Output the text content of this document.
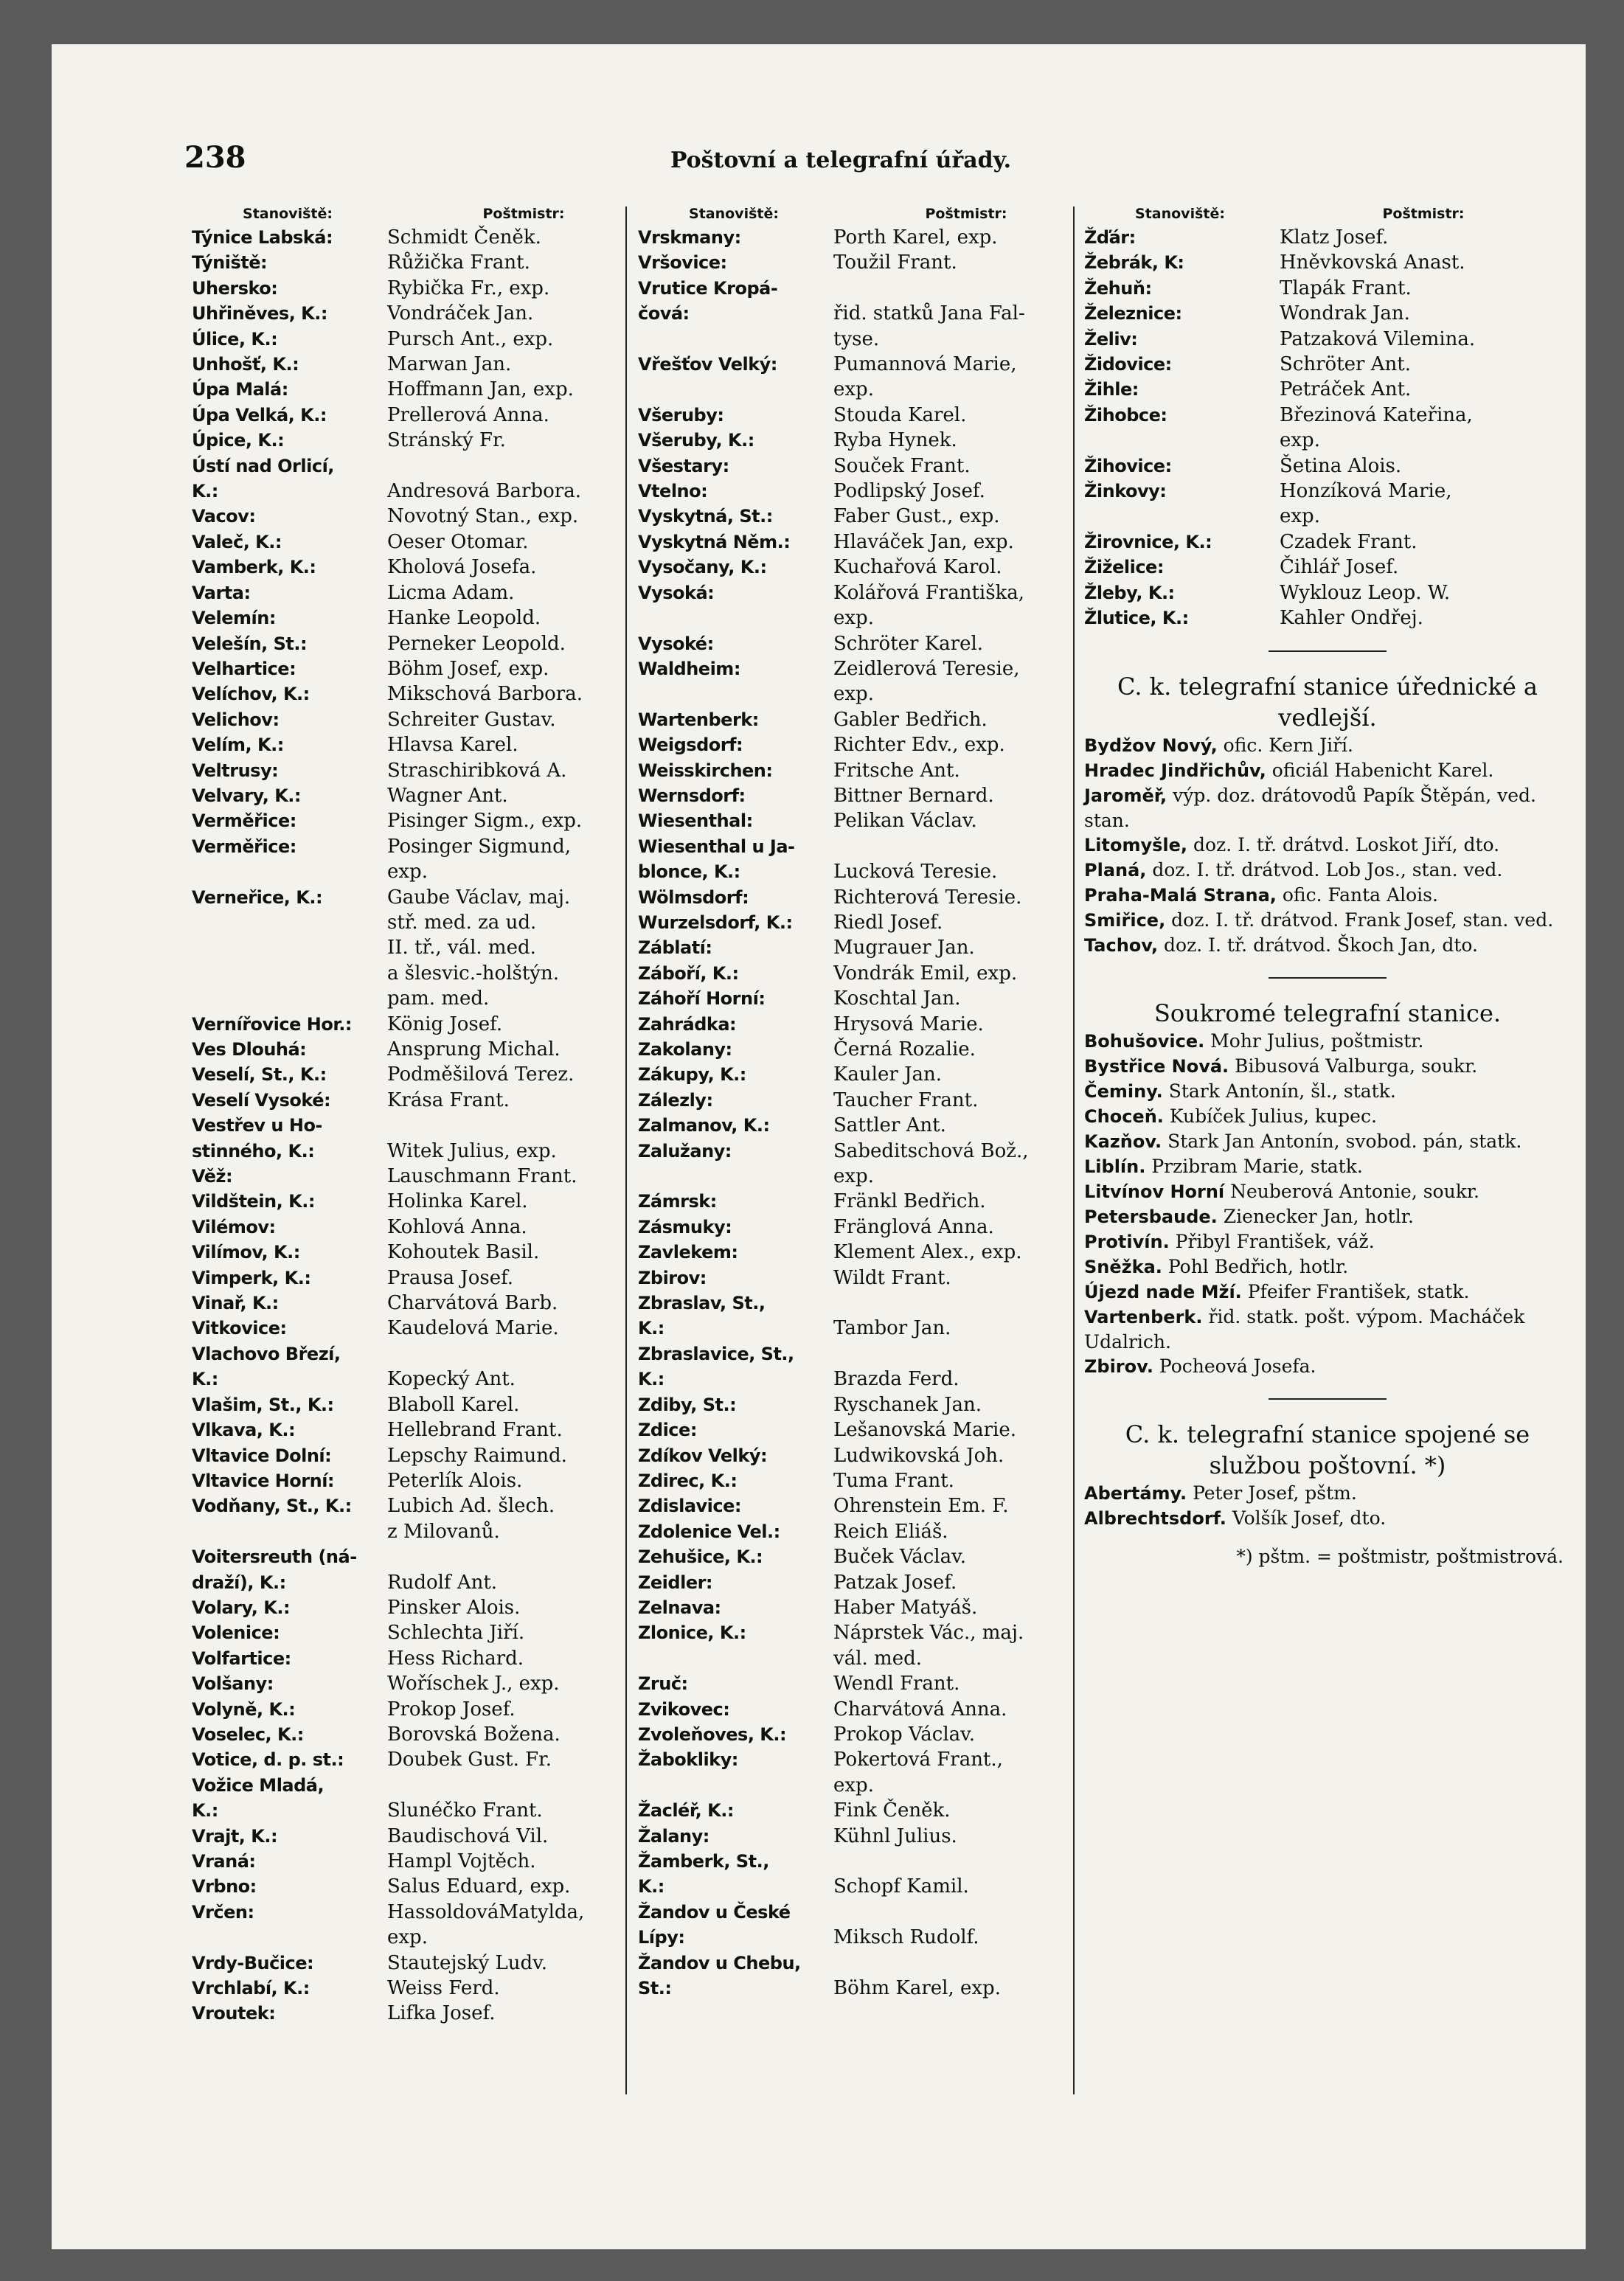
238	Poštovní a telegrafní úřady.
Stanoviště:	Poštmistr:
Týnice Labská:	Schmidt Čeněk.
Týniště:	Růžička Frant.
Uhersko:	Rybička Fr., exp.
Uhřiněves, K.:	Vondráček Jan.
Úlice, K.:	Pursch Ant., exp.
Unhošť, K.:	Marwan Jan.
Úpa Malá:	Hoffmann Jan, exp.
Úpa Velká, K.:	Prellerová Anna.
Úpice, K.:	Stránský Fr.
Ústí nad Orlicí,
K.:	Andresová Barbora.
Vacov:	Novotný Stan., exp.
Valeč, K.:	Oeser Otomar.
Vamberk, K.:	Kholová Josefa.
Varta:	Licma Adam.
Velemín:	Hanke Leopold.
Velešín, St.:	Perneker Leopold.
Velhartice:	Böhm Josef, exp.
Velíchov, K.:	Mikschová Barbora.
Velichov:	Schreiter Gustav.
Velím, K.:	Hlavsa Karel.
Veltrusy:	Straschiribková A.
Velvary, K.:	Wagner Ant.
Verměřice:	Pisinger Sigm., exp.
Verměřice:	Posinger Sigmund,
exp.
Verneřice, K.:	Gaube Václav, maj.
stř. med. za ud.
II. tř., vál. med.
a šlesvic.-holštýn.
pam. med.
Vernířovice Hor.:	König Josef.
Ves Dlouhá:	Ansprung Michal.
Veselí, St., K.:	Podměšilová Terez.
Veselí Vysoké:	Krása Frant.
Vestřev u Ho-
stinného, K.:	Witek Julius, exp.
Věž:	Lauschmann Frant.
Vildštein, K.:	Holinka Karel.
Vilémov:	Kohlová Anna.
Vilímov, K.:	Kohoutek Basil.
Vimperk, K.:	Prausa Josef.
Vinař, K.:	Charvátová Barb.
Vitkovice:	Kaudelová Marie.
Vlachovo Březí,
K.:	Kopecký Ant.
Vlašim, St., K.:	Blaboll Karel.
Vlkava, K.:	Hellebrand Frant.
Vltavice Dolní:	Lepschy Raimund.
Vltavice Horní:	Peterlík Alois.
Vodňany, St., K.:	Lubich Ad. šlech.
z Milovanů.
Voitersreuth (ná-
draží), K.:	Rudolf Ant.
Volary, K.:	Pinsker Alois.
Volenice:	Schlechta Jiří.
Volfartice:	Hess Richard.
Volšany:	Woříschek J., exp.
Volyně, K.:	Prokop Josef.
Voselec, K.:	Borovská Božena.
Votice, d. p. st.:	Doubek Gust. Fr.
Vožice Mladá,
K.:	Slunéčko Frant.
Vrajt, K.:	Baudischová Vil.
Vraná:	Hampl Vojtěch.
Vrbno:	Salus Eduard, exp.
Vrčen:	HassoldováMatylda,
exp.
Vrdy-Bučice:	Stautejský Ludv.
Vrchlabí, K.:	Weiss Ferd.
Vroutek:	Lifka Josef.
Stanoviště:	Poštmistr:
Vrskmany:	Porth Karel, exp.
Vršovice:	Toužil Frant.
Vrutice Kropá-
čová:	řid. statků Jana Fal-
tyse.
Vřešťov Velký:	Pumannová Marie,
exp.
Všeruby:	Stouda Karel.
Všeruby, K.:	Ryba Hynek.
Všestary:	Souček Frant.
Vtelno:	Podlipský Josef.
Vyskytná, St.:	Faber Gust., exp.
Vyskytná Něm.:	Hlaváček Jan, exp.
Vysočany, K.:	Kuchařová Karol.
Vysoká:	Kolářová Františka,
exp.
Vysoké:	Schröter Karel.
Waldheim:	Zeidlerová Teresie,
exp.
Wartenberk:	Gabler Bedřich.
Weigsdorf:	Richter Edv., exp.
Weisskirchen:	Fritsche Ant.
Wernsdorf:	Bittner Bernard.
Wiesenthal:	Pelikan Václav.
Wiesenthal u Ja-
blonce, K.:	Lucková Teresie.
Wölmsdorf:	Richterová Teresie.
Wurzelsdorf, K.:	Riedl Josef.
Záblatí:	Mugrauer Jan.
Záboří, K.:	Vondrák Emil, exp.
Záhoří Horní:	Koschtal Jan.
Zahrádka:	Hrysová Marie.
Zakolany:	Černá Rozalie.
Zákupy, K.:	Kauler Jan.
Zálezly:	Taucher Frant.
Zalmanov, K.:	Sattler Ant.
Zalužany:	Sabeditschová Bož.,
exp.
Zámrsk:	Fränkl Bedřich.
Zásmuky:	Fränglová Anna.
Zavlekem:	Klement Alex., exp.
Zbirov:	Wildt Frant.
Zbraslav, St.,
K.:	Tambor Jan.
Zbraslavice, St.,
K.:	Brazda Ferd.
Zdiby, St.:	Ryschanek Jan.
Zdice:	Lešanovská Marie.
Zdíkov Velký:	Ludwikovská Joh.
Zdirec, K.:	Tuma Frant.
Zdislavice:	Ohrenstein Em. F.
Zdolenice Vel.:	Reich Eliáš.
Zehušice, K.:	Buček Václav.
Zeidler:	Patzak Josef.
Zelnava:	Haber Matyáš.
Zlonice, K.:	Náprstek Vác., maj.
vál. med.
Zruč:	Wendl Frant.
Zvikovec:	Charvátová Anna.
Zvoleňoves, K.:	Prokop Václav.
Žabokliky:	Pokertová Frant.,
exp.
Žacléř, K.:	Fink Čeněk.
Žalany:	Kühnl Julius.
Žamberk, St.,
K.:	Schopf Kamil.
Žandov u České
Lípy:	Miksch Rudolf.
Žandov u Chebu,
St.:	Böhm Karel, exp.
Stanoviště:	Poštmistr:
Žďár:	Klatz Josef.
Žebrák, K:	Hněvkovská Anast.
Žehuň:	Tlapák Frant.
Železnice:	Wondrak Jan.
Želiv:	Patzaková Vilemina.
Židovice:	Schröter Ant.
Žihle:	Petráček Ant.
Žihobce:	Březinová Kateřina,
exp.
Žihovice:	Šetina Alois.
Žinkovy:	Honzíková Marie,
exp.
Žirovnice, K.:	Czadek Frant.
Žiželice:	Čihlář Josef.
Žleby, K.:	Wyklouz Leop. W.
Žlutice, K.:	Kahler Ondřej.
C. k. telegrafní stanice úřednické a vedlejší.
Bydžov Nový, ofic. Kern Jiří.
Hradec Jindřichův, oficiál Habenicht Karel.
Jaroměř, výp. doz. drátovodů Papík Štěpán, ved. stan.
Litomyšle, doz. I. tř. drátvd. Loskot Jiří, dto.
Planá, doz. I. tř. drátvod. Lob Jos., stan. ved.
Praha-Malá Strana, ofic. Fanta Alois.
Smiřice, doz. I. tř. drátvod. Frank Josef, stan. ved.
Tachov, doz. I. tř. drátvod. Škoch Jan, dto.
Soukromé telegrafní stanice.
Bohušovice. Mohr Julius, poštmistr.
Bystřice Nová. Bibusová Valburga, soukr.
Čeminy. Stark Antonín, šl., statk.
Choceň. Kubíček Julius, kupec.
Kazňov. Stark Jan Antonín, svobod. pán, statk.
Liblín. Przibram Marie, statk.
Litvínov Horní Neuberová Antonie, soukr.
Petersbaude. Zienecker Jan, hotlr.
Protivín. Přibyl František, váž.
Sněžka. Pohl Bedřich, hotlr.
Újezd nade Mží. Pfeifer František, statk.
Vartenberk. řid. statk. pošt. výpom. Macháček Udalrich.
Zbirov. Pocheová Josefa.
C. k. telegrafní stanice spojené se službou poštovní. *)
Abertámy. Peter Josef, pštm.
Albrechtsdorf. Volšík Josef, dto.
*) pštm. = poštmistr, poštmistrová.
